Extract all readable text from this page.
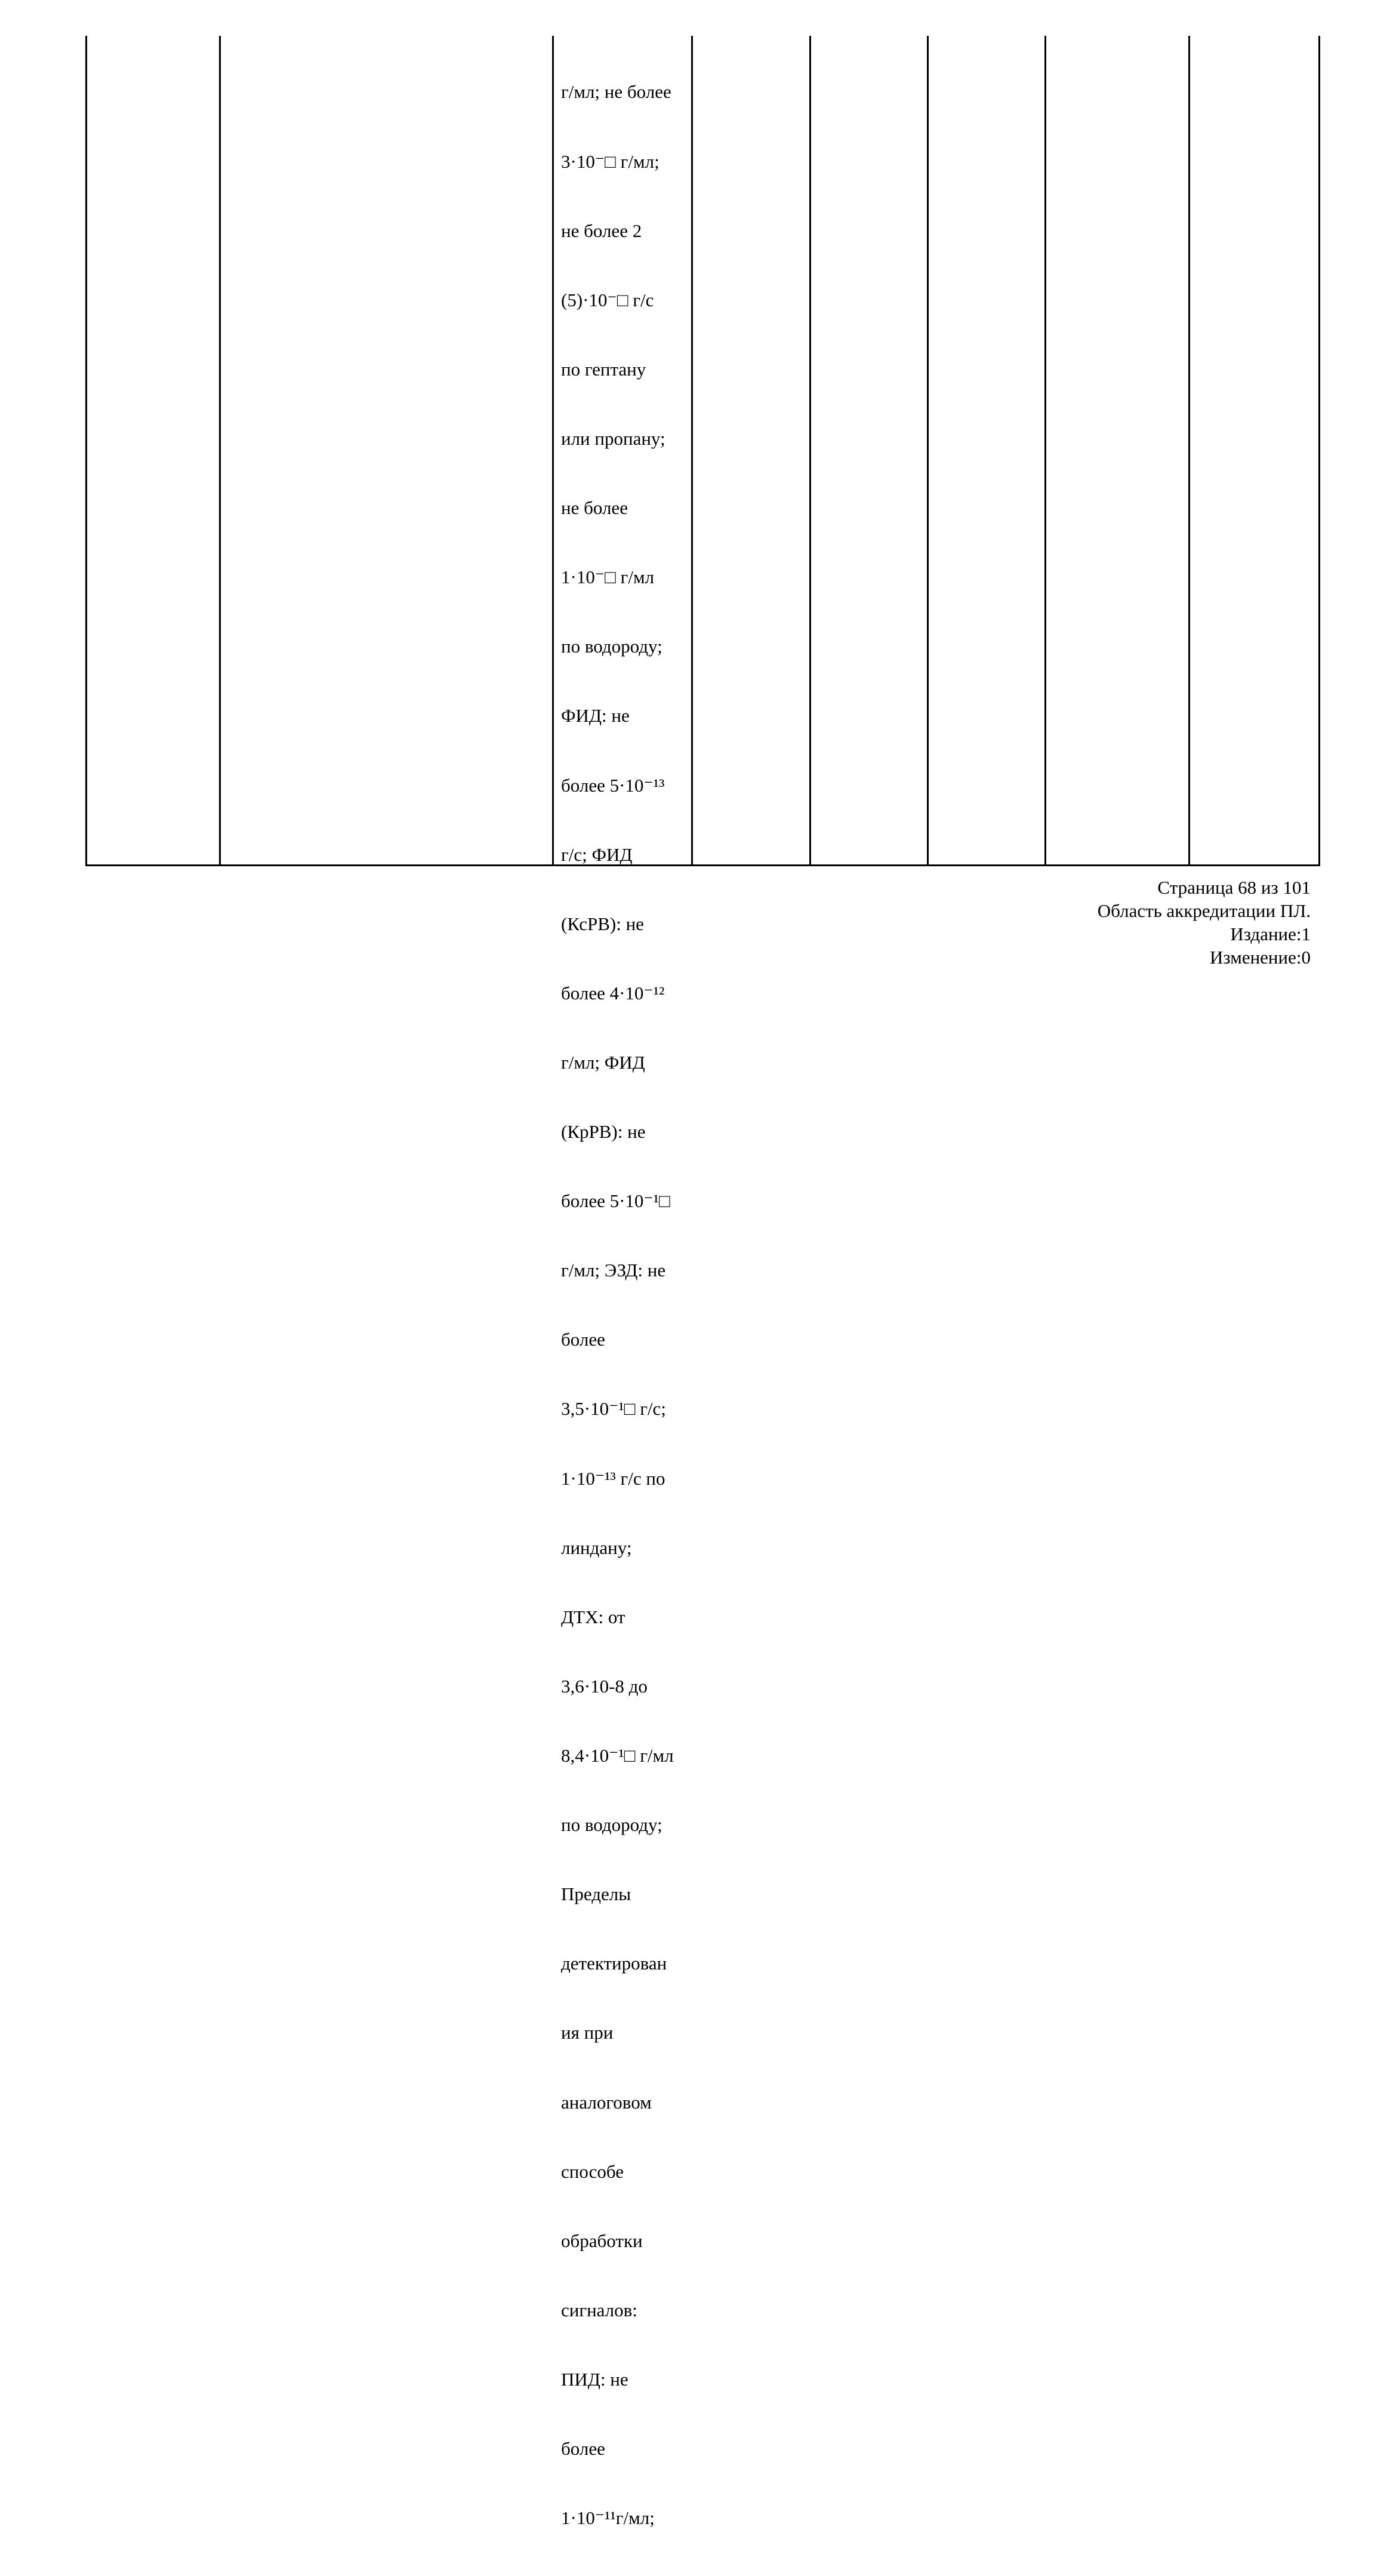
г/мл; не более

3·10⁻□ г/мл;

не более 2

(5)·10⁻□ г/с

по гептану

или пропану;

не более

1·10⁻□ г/мл

по водороду;

ФИД: не

более 5·10⁻¹³

г/с; ФИД

(КсРВ): не

более 4·10⁻¹²

г/мл; ФИД

(КрРВ): не

более 5·10⁻¹□

г/мл; ЭЗД: не

более

3,5·10⁻¹□ г/с;

1·10⁻¹³ г/с по

линдану;

ДТХ: от

3,6·10-8 до

8,4·10⁻¹□ г/мл

по водороду;

Пределы

детектирован

ия при

аналоговом

способе

обработки

сигналов:

ПИД: не

более

1·10⁻¹¹г/мл;

Страница 68 из 101
Область аккредитации ПЛ.
Издание:1
Изменение:0
